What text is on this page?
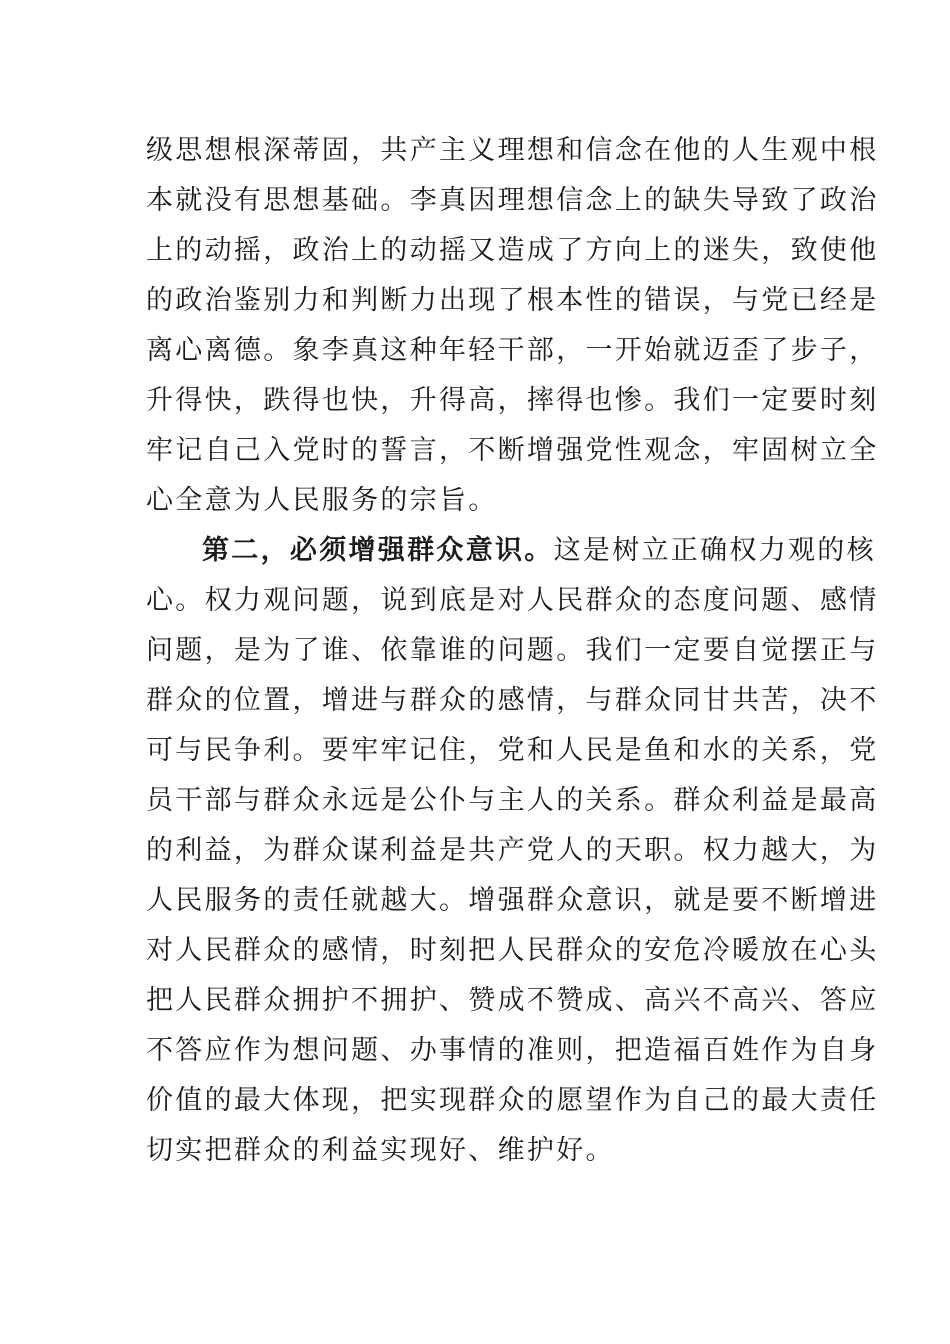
级思想根深蒂固，共产主义理想和信念在他的人生观中根
本就没有思想基础。李真因理想信念上的缺失导致了政治
上的动摇，政治上的动摇又造成了方向上的迷失，致使他
的政治鉴别力和判断力出现了根本性的错误，与党已经是
离心离德。象李真这种年轻干部，一开始就迈歪了步子，
升得快，跌得也快，升得高，摔得也惨。我们一定要时刻
牢记自己入党时的誓言，不断增强党性观念，牢固树立全
心全意为人民服务的宗旨。
第二，必须增强群众意识。这是树立正确权力观的核
心。权力观问题，说到底是对人民群众的态度问题、感情
问题，是为了谁、依靠谁的问题。我们一定要自觉摆正与
群众的位置，增进与群众的感情，与群众同甘共苦，决不
可与民争利。要牢牢记住，党和人民是鱼和水的关系，党
员干部与群众永远是公仆与主人的关系。群众利益是最高
的利益，为群众谋利益是共产党人的天职。权力越大，为
人民服务的责任就越大。增强群众意识，就是要不断增进
对人民群众的感情，时刻把人民群众的安危冷暖放在心头
把人民群众拥护不拥护、赞成不赞成、高兴不高兴、答应
不答应作为想问题、办事情的准则，把造福百姓作为自身
价值的最大体现，把实现群众的愿望作为自己的最大责任
切实把群众的利益实现好、维护好。
